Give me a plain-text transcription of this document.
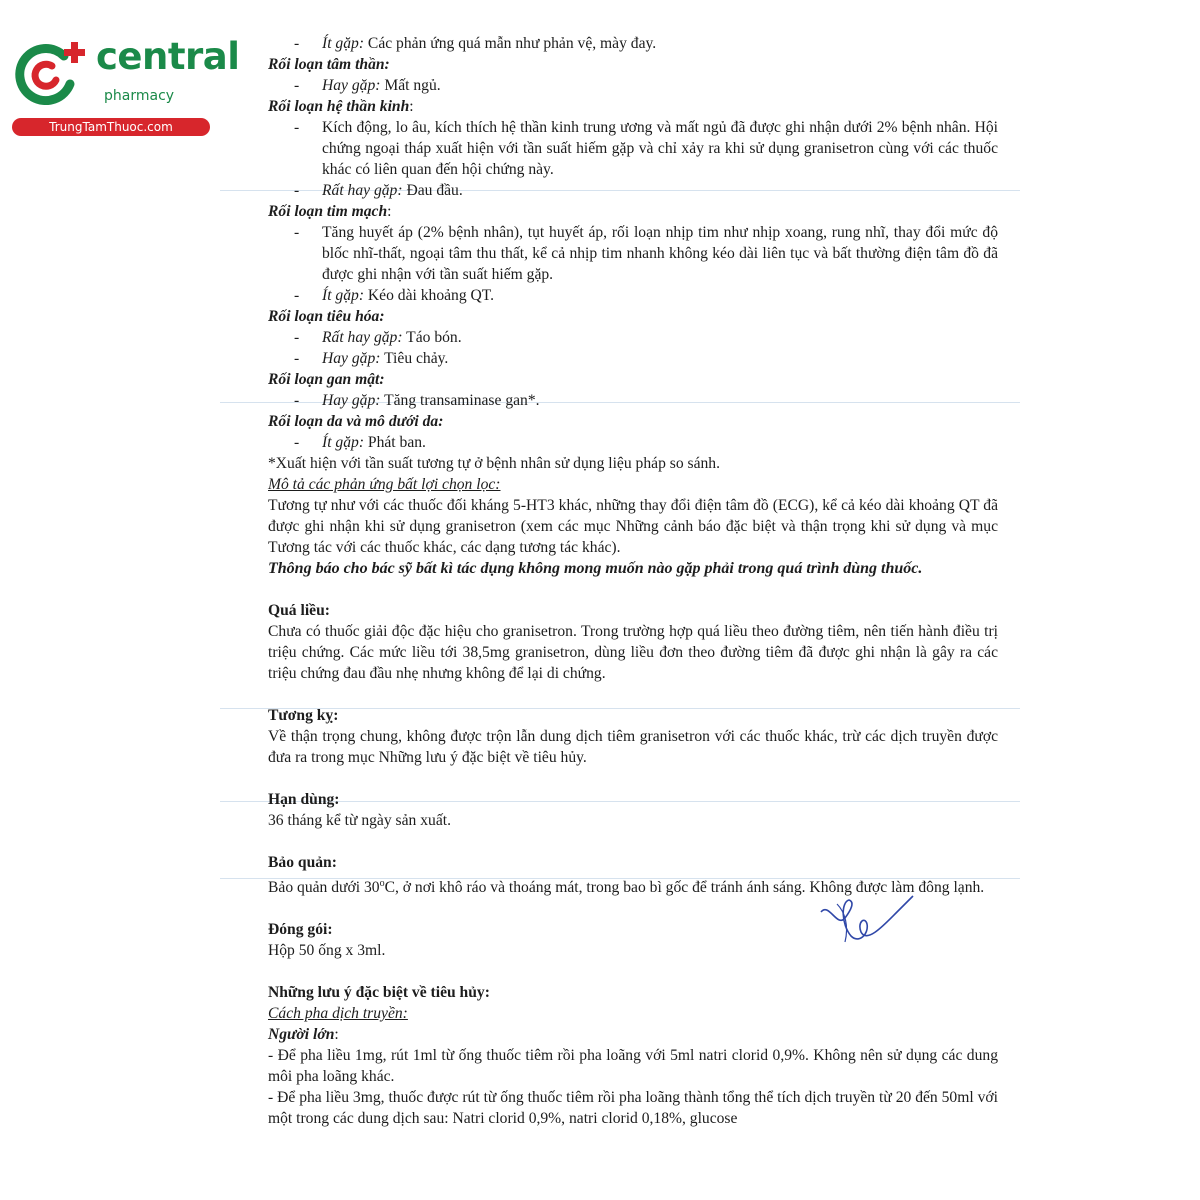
central
pharmacy
TrungTamThuoc.com

- Ít gặp: Các phản ứng quá mẫn như phản vệ, mày đay.

Rối loạn tâm thần:

- Hay gặp: Mất ngủ.

Rối loạn hệ thần kinh:

- Kích động, lo âu, kích thích hệ thần kinh trung ương và mất ngủ đã được ghi nhận dưới 2% bệnh nhân. Hội chứng ngoại tháp xuất hiện với tần suất hiếm gặp và chỉ xảy ra khi sử dụng granisetron cùng với các thuốc khác có liên quan đến hội chứng này.

- Rất hay gặp: Đau đầu.

Rối loạn tim mạch:

- Tăng huyết áp (2% bệnh nhân), tụt huyết áp, rối loạn nhịp tim như nhịp xoang, rung nhĩ, thay đổi mức độ blốc nhĩ-thất, ngoại tâm thu thất, kể cả nhịp tim nhanh không kéo dài liên tục và bất thường điện tâm đồ đã được ghi nhận với tần suất hiếm gặp.

- Ít gặp: Kéo dài khoảng QT.

Rối loạn tiêu hóa:

- Rất hay gặp: Táo bón.

- Hay gặp: Tiêu chảy.

Rối loạn gan mật:

- Hay gặp: Tăng transaminase gan*.

Rối loạn da và mô dưới da:

- Ít gặp: Phát ban.

*Xuất hiện với tần suất tương tự ở bệnh nhân sử dụng liệu pháp so sánh.

Mô tả các phản ứng bất lợi chọn lọc:

Tương tự như với các thuốc đối kháng 5-HT3 khác, những thay đổi điện tâm đồ (ECG), kể cả kéo dài khoảng QT đã được ghi nhận khi sử dụng granisetron (xem các mục Những cảnh báo đặc biệt và thận trọng khi sử dụng và mục Tương tác với các thuốc khác, các dạng tương tác khác).

Thông báo cho bác sỹ bất kì tác dụng không mong muốn nào gặp phải trong quá trình dùng thuốc.

Quá liều:

Chưa có thuốc giải độc đặc hiệu cho granisetron. Trong trường hợp quá liều theo đường tiêm, nên tiến hành điều trị triệu chứng. Các mức liều tới 38,5mg granisetron, dùng liều đơn theo đường tiêm đã được ghi nhận là gây ra các triệu chứng đau đầu nhẹ nhưng không để lại di chứng.

Tương kỵ:

Về thận trọng chung, không được trộn lẫn dung dịch tiêm granisetron với các thuốc khác, trừ các dịch truyền được đưa ra trong mục Những lưu ý đặc biệt về tiêu hủy.

Hạn dùng:

36 tháng kể từ ngày sản xuất.

Bảo quản:

Bảo quản dưới 30$^o$C, ở nơi khô ráo và thoáng mát, trong bao bì gốc để tránh ánh sáng. Không được làm đông lạnh.

Đóng gói:

Hộp 50 ống x 3ml.

Những lưu ý đặc biệt về tiêu hủy:

Cách pha dịch truyền:

Người lớn:

- Để pha liều 1mg, rút 1ml từ ống thuốc tiêm rồi pha loãng với 5ml natri clorid 0,9%. Không nên sử dụng các dung môi pha loãng khác.

- Để pha liều 3mg, thuốc được rút từ ống thuốc tiêm rồi pha loãng thành tổng thể tích dịch truyền từ 20 đến 50ml với một trong các dung dịch sau: Natri clorid 0,9%, natri clorid 0,18%, glucose
